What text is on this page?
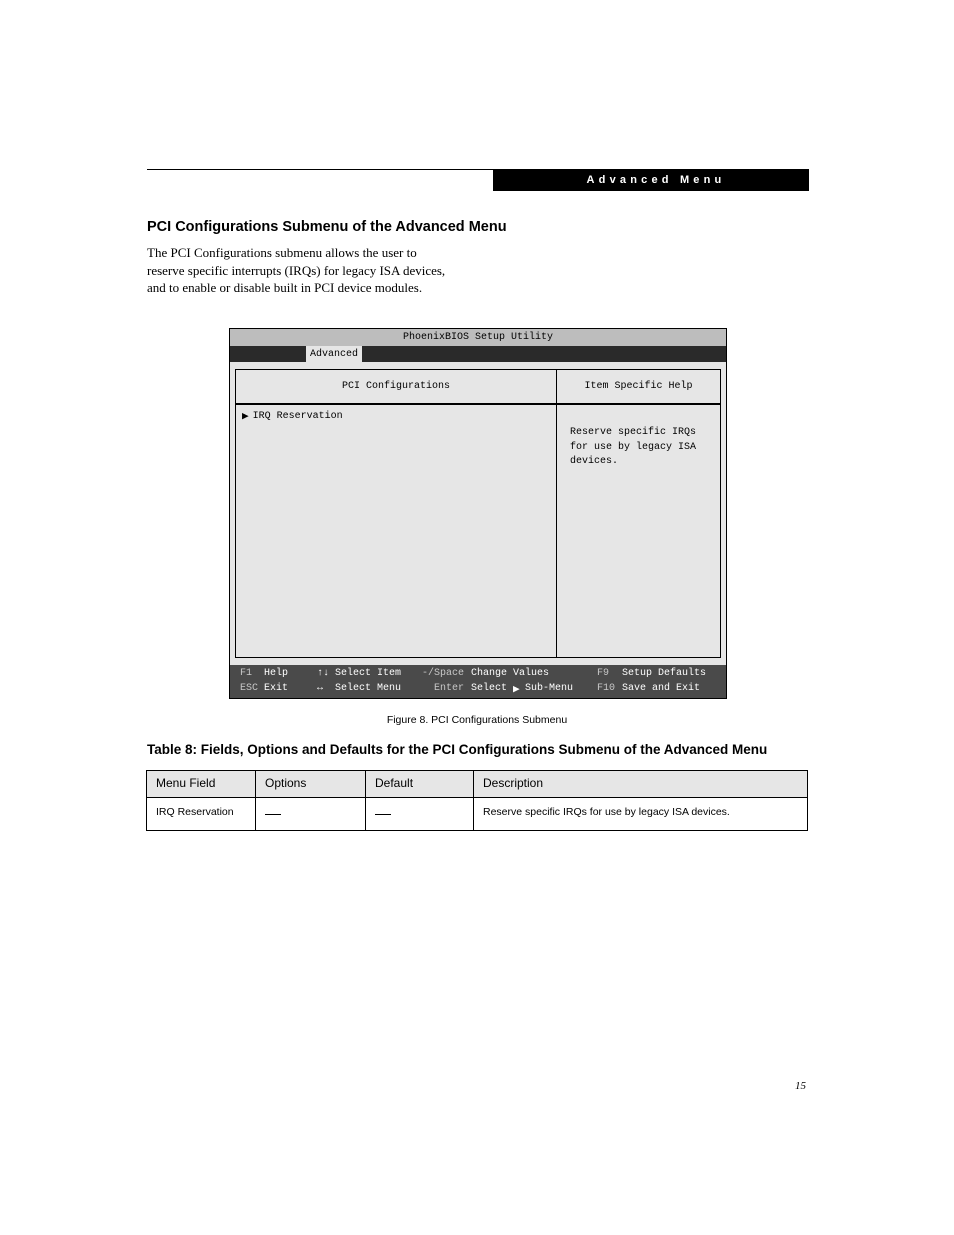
Advanced Menu
PCI Configurations Submenu of the Advanced Menu
The PCI Configurations submenu allows the user to
reserve specific interrupts (IRQs) for legacy ISA devices,
and to enable or disable built in PCI device modules.
PhoenixBIOS Setup Utility
Advanced
PCI Configurations
▶ IRQ Reservation
Item Specific Help
Reserve specific IRQs
for use by legacy ISA
devices.
F1 Help	↑↓ Select Item -/Space Change Values	F9 Setup Defaults
ESC Exit	↔ Select Menu	Enter Select ▶ Sub-Menu F10 Save and Exit
Figure 8. PCI Configurations Submenu
Table 8: Fields, Options and Defaults for the PCI Configurations Submenu of the Advanced Menu
Menu Field	Options	Default	Description

IRQ Reservation			Reserve specific IRQs for use by legacy ISA devices.
15
